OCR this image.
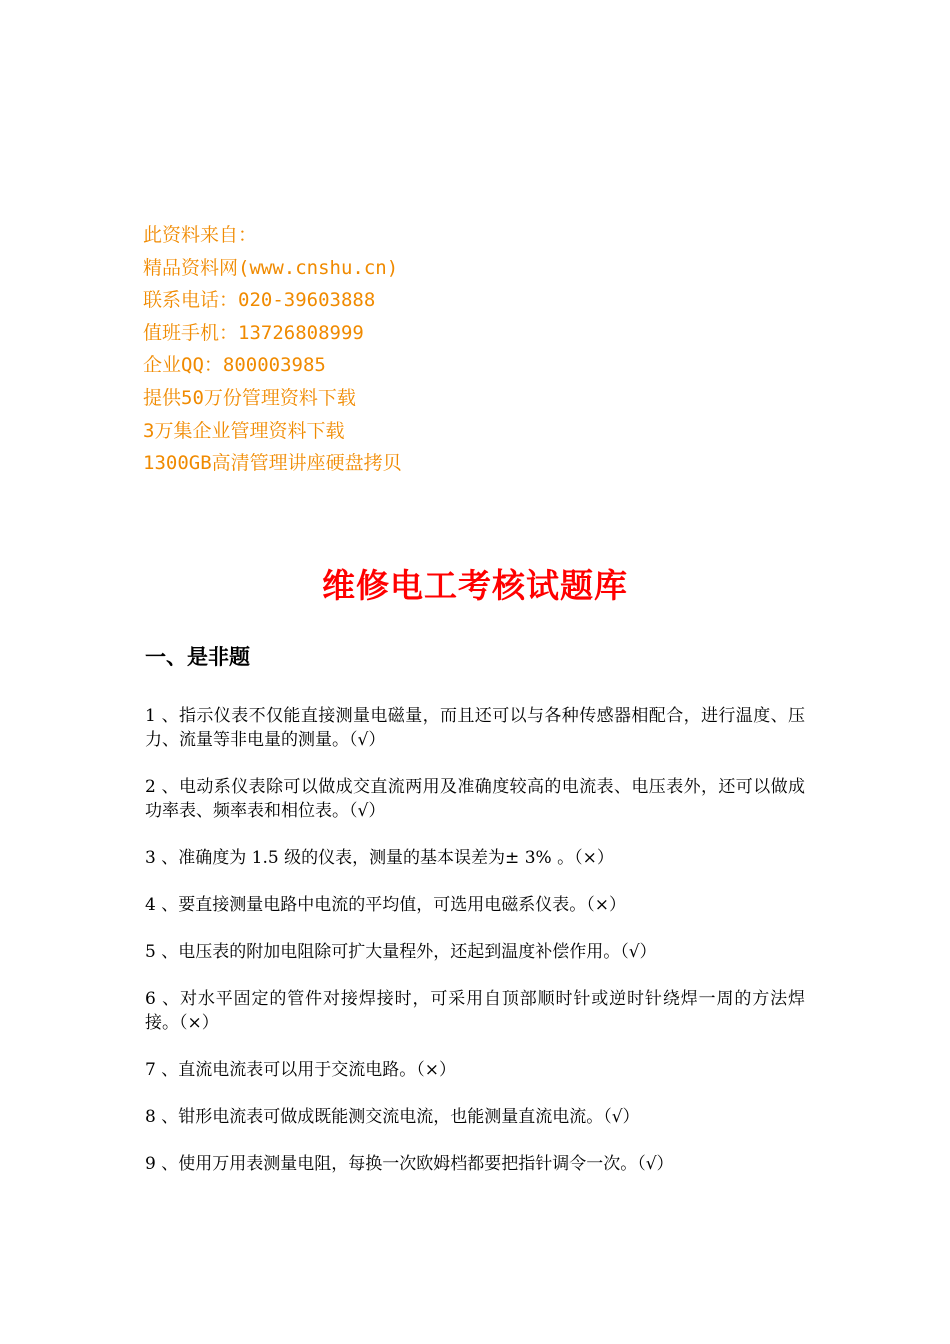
此资料来自：
精品资料网(www.cnshu.cn)
联系电话：020-39603888
值班手机：13726808999
企业QQ：800003985
提供50万份管理资料下载
3万集企业管理资料下载
1300GB高清管理讲座硬盘拷贝
维修电工考核试题库
一、是非题

1 、指示仪表不仅能直接测量电磁量，而且还可以与各种传感器相配合，进行温度、压力、流量等非电量的测量。（√）

2 、电动系仪表除可以做成交直流两用及准确度较高的电流表、电压表外，还可以做成功率表、频率表和相位表。（√）

3 、准确度为 1.5 级的仪表，测量的基本误差为± 3% 。（×）

4 、要直接测量电路中电流的平均值，可选用电磁系仪表。（×）

5 、电压表的附加电阻除可扩大量程外，还起到温度补偿作用。（√）

6 、对水平固定的管件对接焊接时，可采用自顶部顺时针或逆时针绕焊一周的方法焊接。（×）

7 、直流电流表可以用于交流电路。（×）

8 、钳形电流表可做成既能测交流电流，也能测量直流电流。（√）

9 、使用万用表测量电阻，每换一次欧姆档都要把指针调令一次。（√）
